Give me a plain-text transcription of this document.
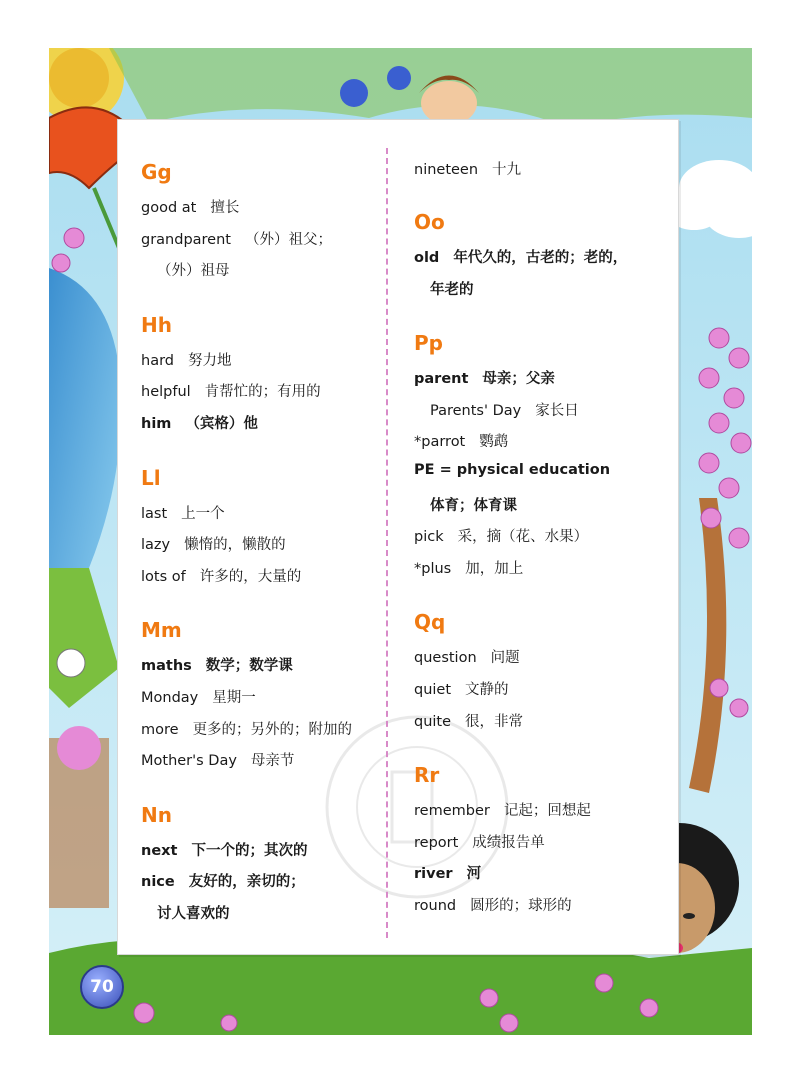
Gg
good at 擅长
grandparent （外）祖父；
（外）祖母
Hh
hard 努力地
helpful 肯帮忙的；有用的
him （宾格）他
Ll
last 上一个
lazy 懒惰的，懒散的
lots of 许多的，大量的
Mm
maths 数学；数学课
Monday 星期一
more 更多的；另外的；附加的
Mother's Day 母亲节
Nn
next 下一个的；其次的
nice 友好的，亲切的；
讨人喜欢的
nineteen 十九
Oo
old 年代久的，古老的；老的，
年老的
Pp
parent 母亲；父亲
Parents' Day 家长日
*parrot 鹦鹉
PE = physical education
体育；体育课
pick 采，摘（花、水果）
*plus 加，加上
Qq
question 问题
quiet 文静的
quite 很，非常
Rr
remember 记起；回想起
report 成绩报告单
river 河
round 圆形的；球形的
70
